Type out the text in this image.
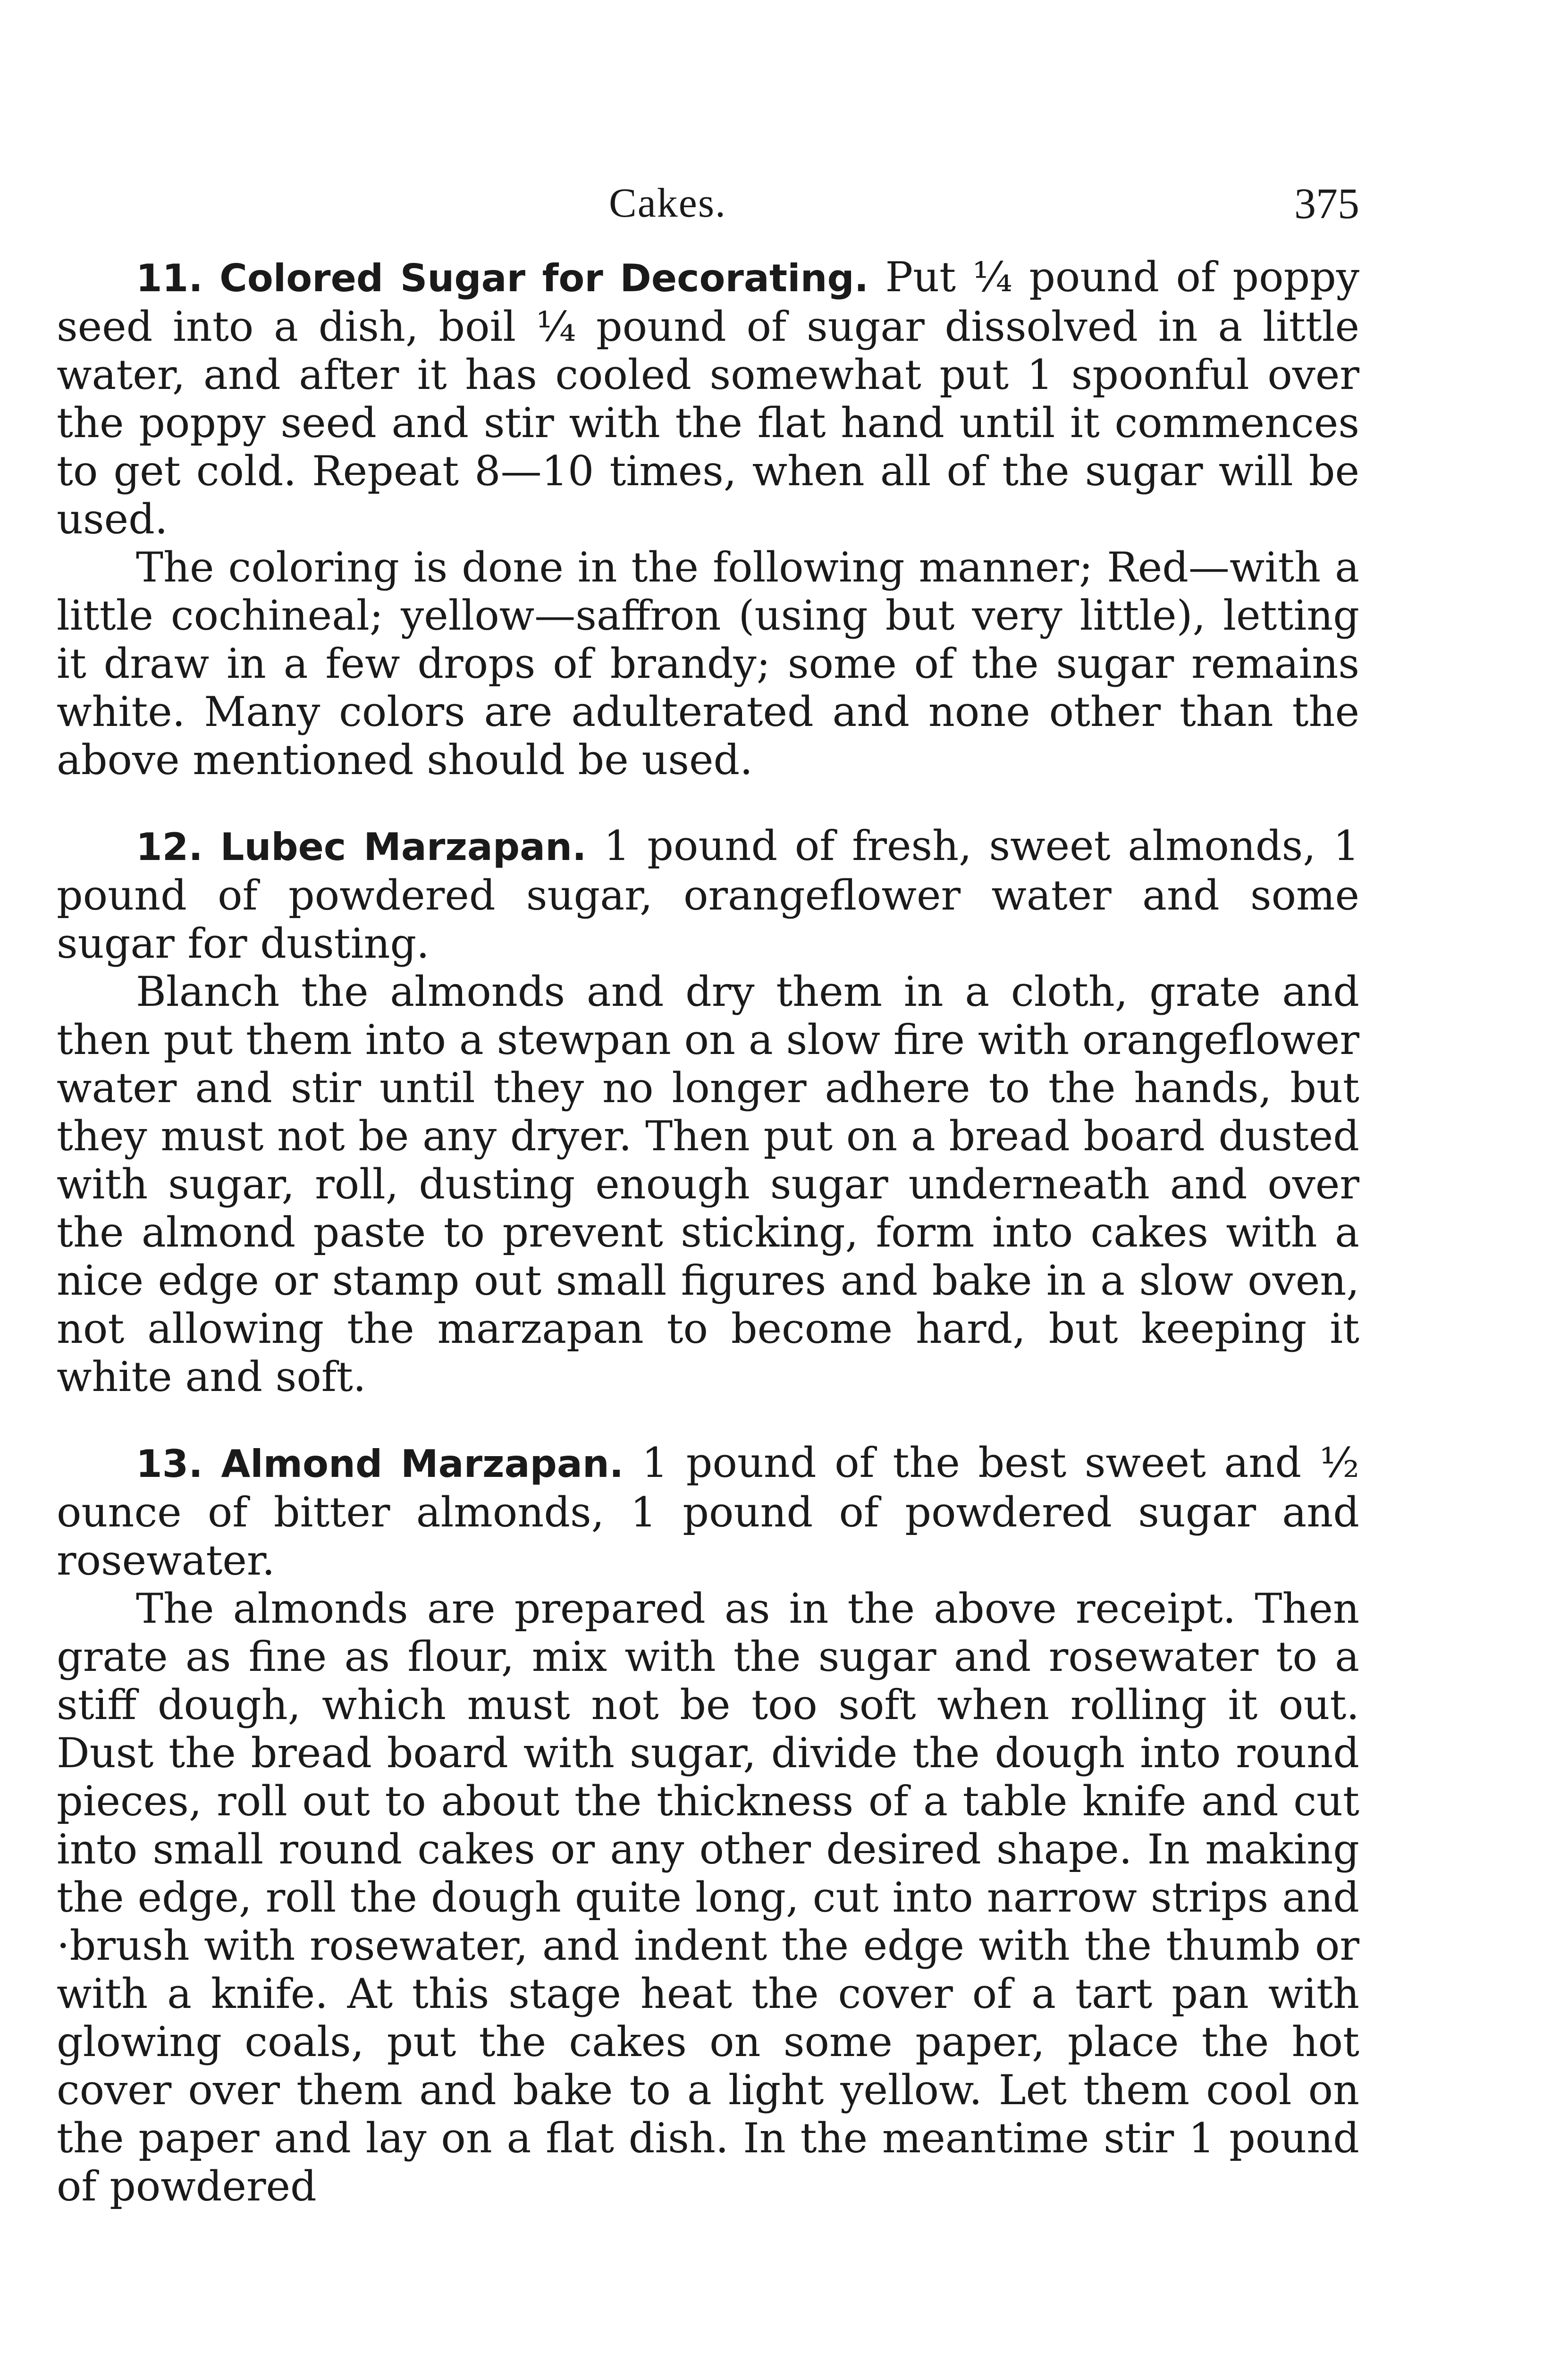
Cakes.	375

11. Colored Sugar for Decorating. Put ¼ pound of poppy seed into a dish, boil ¼ pound of sugar dissolved in a little water, and after it has cooled somewhat put 1 spoonful over the poppy seed and stir with the flat hand until it commences to get cold. Repeat 8—10 times, when all of the sugar will be used.

The coloring is done in the following manner; Red—with a little cochineal; yellow—saffron (using but very little), letting it draw in a few drops of brandy; some of the sugar remains white. Many colors are adulterated and none other than the above mentioned should be used.

12. Lubec Marzapan. 1 pound of fresh, sweet almonds, 1 pound of powdered sugar, orangeflower water and some sugar for dusting.

Blanch the almonds and dry them in a cloth, grate and then put them into a stewpan on a slow fire with orangeflower water and stir until they no longer adhere to the hands, but they must not be any dryer. Then put on a bread board dusted with sugar, roll, dusting enough sugar underneath and over the almond paste to prevent sticking, form into cakes with a nice edge or stamp out small figures and bake in a slow oven, not allowing the marzapan to become hard, but keeping it white and soft.

13. Almond Marzapan. 1 pound of the best sweet and ½ ounce of bitter almonds, 1 pound of powdered sugar and rosewater.

The almonds are prepared as in the above receipt. Then grate as fine as flour, mix with the sugar and rosewater to a stiff dough, which must not be too soft when rolling it out. Dust the bread board with sugar, divide the dough into round pieces, roll out to about the thickness of a table knife and cut into small round cakes or any other desired shape. In making the edge, roll the dough quite long, cut into narrow strips and ·brush with rosewater, and indent the edge with the thumb or with a knife. At this stage heat the cover of a tart pan with glowing coals, put the cakes on some paper, place the hot cover over them and bake to a light yellow. Let them cool on the paper and lay on a flat dish. In the meantime stir 1 pound of powdered
